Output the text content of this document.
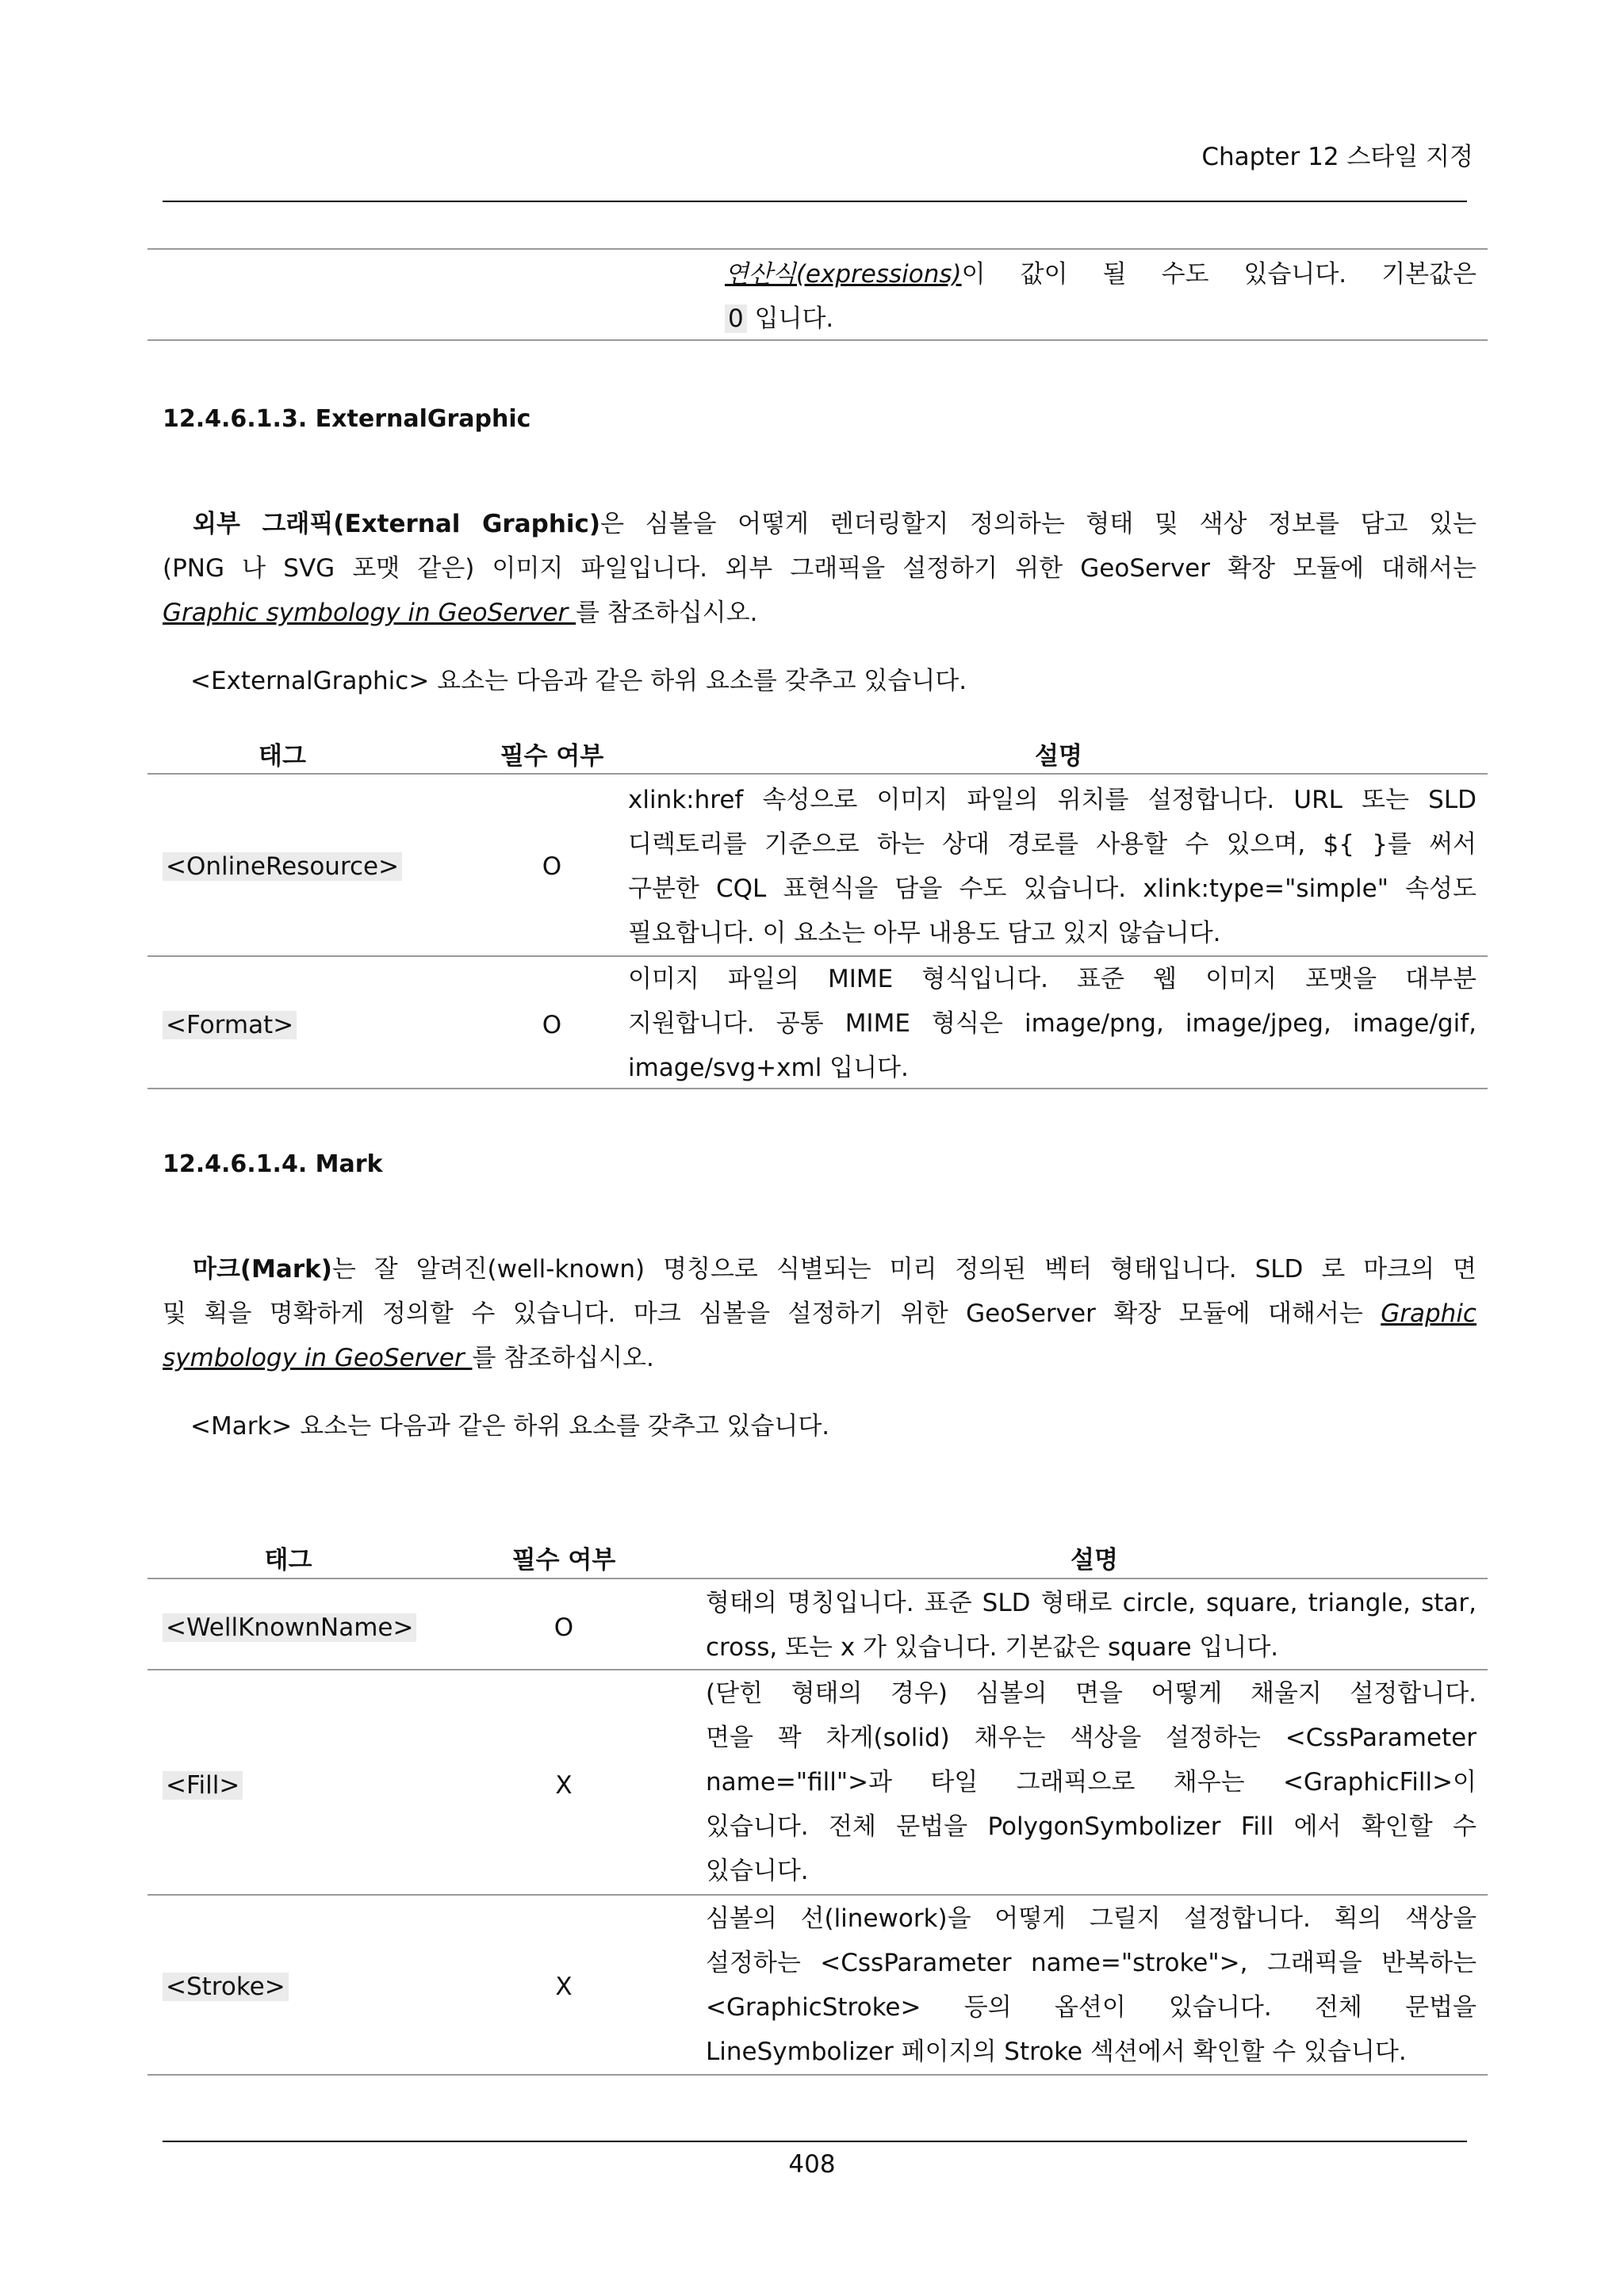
Chapter 12 스타일 지정
연산식(expressions)이 값이 될 수도 있습니다. 기본값은
0 입니다.
12.4.6.1.3. ExternalGraphic
외부 그래픽(External Graphic)은 심볼을 어떻게 렌더링할지 정의하는 형태 및 색상 정보를 담고 있는
(PNG 나 SVG 포맷 같은) 이미지 파일입니다. 외부 그래픽을 설정하기 위한 GeoServer 확장 모듈에 대해서는
Graphic symbology in GeoServer 를 참조하십시오.
<ExternalGraphic> 요소는 다음과 같은 하위 요소를 갖추고 있습니다.
태그	필수 여부	설명
<OnlineResource>	O
xlink:href 속성으로 이미지 파일의 위치를 설정합니다. URL 또는 SLD
디렉토리를 기준으로 하는 상대 경로를 사용할 수 있으며, ${ }를 써서
구분한 CQL 표현식을 담을 수도 있습니다. xlink:type="simple" 속성도
필요합니다. 이 요소는 아무 내용도 담고 있지 않습니다.
<Format>	O
이미지 파일의 MIME 형식입니다. 표준 웹 이미지 포맷을 대부분
지원합니다. 공통 MIME 형식은 image/png, image/jpeg, image/gif,
image/svg+xml 입니다.
12.4.6.1.4. Mark
마크(Mark)는 잘 알려진(well-known) 명칭으로 식별되는 미리 정의된 벡터 형태입니다. SLD 로 마크의 면
및 획을 명확하게 정의할 수 있습니다. 마크 심볼을 설정하기 위한 GeoServer 확장 모듈에 대해서는 Graphic
symbology in GeoServer 를 참조하십시오.
<Mark> 요소는 다음과 같은 하위 요소를 갖추고 있습니다.
태그	필수 여부	설명
<WellKnownName>	O
형태의 명칭입니다. 표준 SLD 형태로 circle, square, triangle, star,
cross, 또는 x 가 있습니다. 기본값은 square 입니다.
<Fill>	X
(닫힌 형태의 경우) 심볼의 면을 어떻게 채울지 설정합니다.
면을 꽉 차게(solid) 채우는 색상을 설정하는 <CssParameter
name="fill">과 타일 그래픽으로 채우는 <GraphicFill>이
있습니다. 전체 문법을 PolygonSymbolizer Fill 에서 확인할 수
있습니다.
<Stroke>	X
심볼의 선(linework)을 어떻게 그릴지 설정합니다. 획의 색상을
설정하는 <CssParameter name="stroke">, 그래픽을 반복하는
<GraphicStroke> 등의 옵션이 있습니다. 전체 문법을
LineSymbolizer 페이지의 Stroke 섹션에서 확인할 수 있습니다.
408
